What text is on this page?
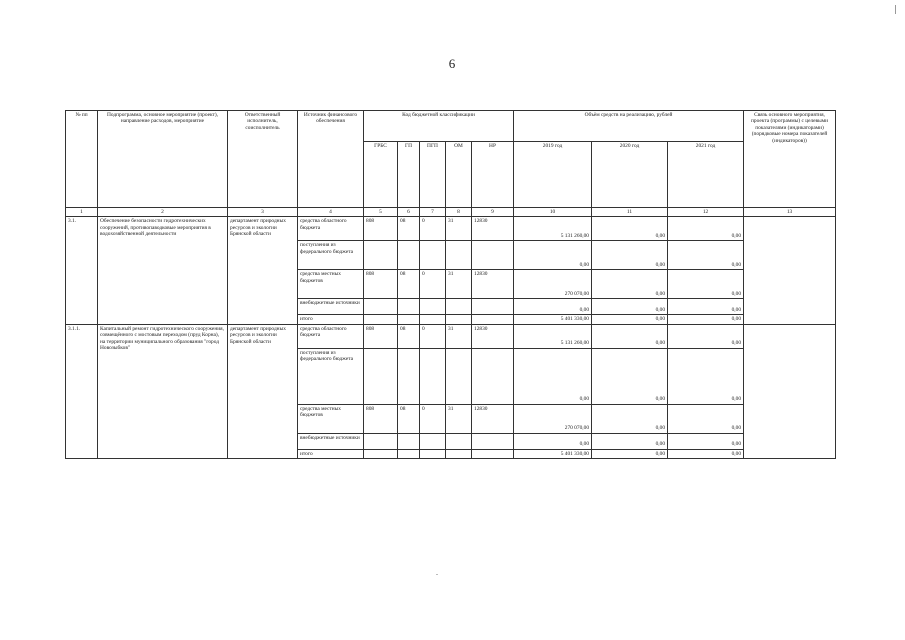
6
№ пп	Подпрограмма, основное мероприятие (проект), направление расходов, мероприятие	Ответственный исполнитель, соисполнитель	Источник финансового обеспечения	Код бюджетной классификации					Объём средств на реализацию, рублей			Связь основного мероприятия, проекта (программы) с целевыми показателями (индикаторами) (порядковые номера показателей (индикаторов))
				ГРБС	ГП	ПГП	ОМ	НР	2019 год	2020 год	2021 год	
1	2	3	4	5	6	7	8	9	10	11	12	13
3.1.	Обеспечение безопасности гидротехнических сооружений, противопаводковые мероприятия в водохозяйственной деятельности	департамент природных ресурсов и экологии Брянской области	средства областного бюджета	808	08	0	31	12830	5 131 260,00	0,00	0,00	
			поступления из федерального бюджета						0,00	0,00	0,00	
			средства местных бюджетов	808	08	0	31	12830	270 070,00	0,00	0,00	
			внебюджетные источники						0,00	0,00	0,00	
			итого						5 401 330,00	0,00	0,00	
3.1.1.	Капитальный ремонт гидротехнического сооружения, совмещённого с мостовым переходом (пруд Корна), на территории муниципального образования "город Новозыбков"	департамент природных ресурсов и экологии Брянской области	средства областного бюджета	808	08	0	31	12830	5 131 260,00	0,00	0,00	
			поступления из федерального бюджета						0,00	0,00	0,00	
			средства местных бюджетов	808	08	0	31	12830	270 070,00	0,00	0,00	
			внебюджетные источники						0,00	0,00	0,00	
			итого						5 401 330,00	0,00	0,00	
